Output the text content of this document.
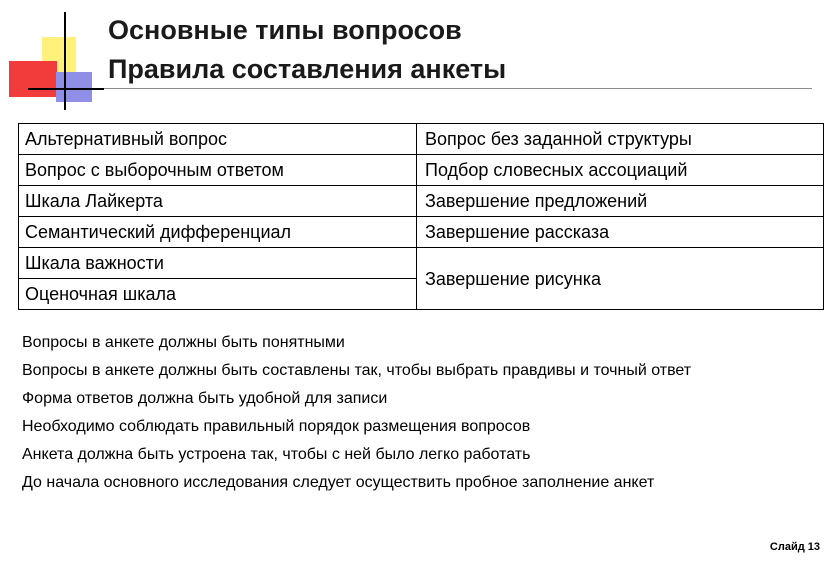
Основные типы вопросов
Правила составления анкеты
Альтернативный вопрос	Вопрос без заданной структуры
Вопрос с выборочным ответом	Подбор словесных ассоциаций
Шкала Лайкерта	Завершение предложений
Семантический дифференциал	Завершение рассказа
Шкала важности	Завершение рисунка
Оценочная шкала	
Вопросы в анкете должны быть понятными
Вопросы в анкете должны быть составлены так, чтобы выбрать правдивы и точный ответ
Форма ответов должна быть удобной для записи
Необходимо соблюдать правильный порядок размещения вопросов
Анкета должна быть устроена так, чтобы с ней было легко работать
До начала основного исследования следует осуществить пробное заполнение анкет
Слайд 13
